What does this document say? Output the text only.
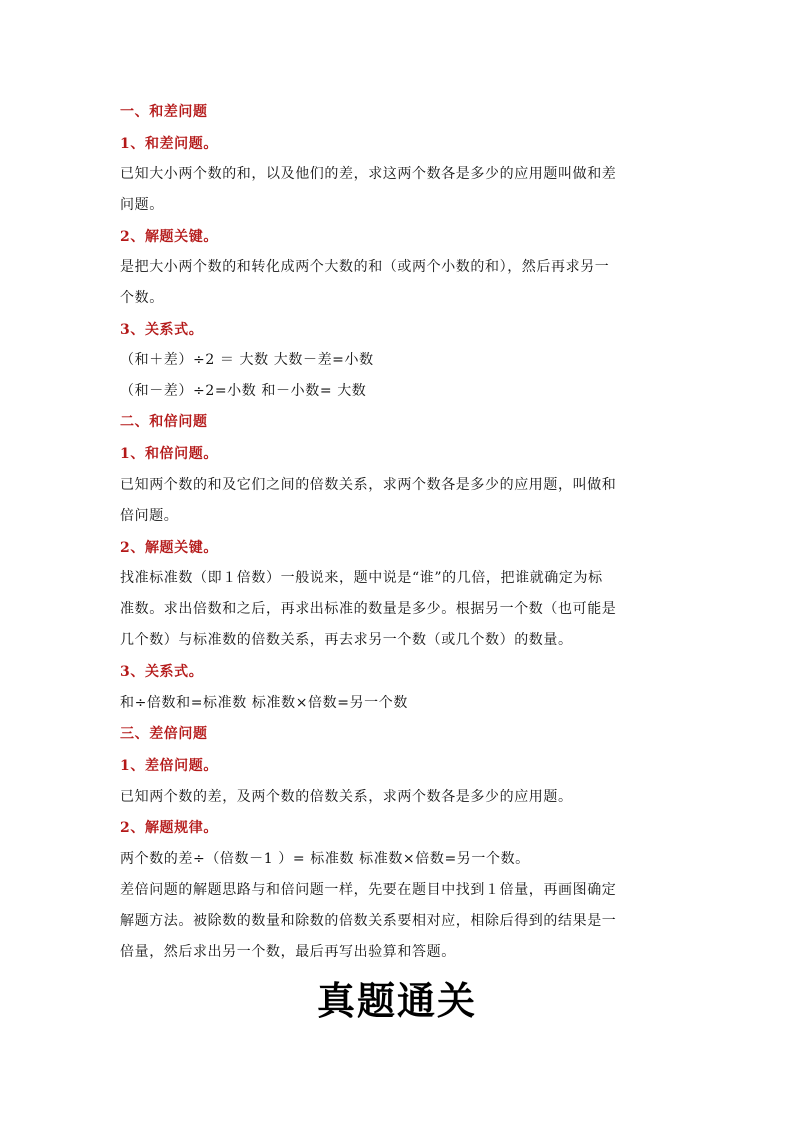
一、和差问题
1、和差问题。
已知大小两个数的和，以及他们的差，求这两个数各是多少的应用题叫做和差
问题。
2、解题关键。
是把大小两个数的和转化成两个大数的和（或两个小数的和），然后再求另一
个数。
3、关系式。
（和＋差）÷2 ＝ 大数 大数－差=小数
（和－差）÷2=小数 和－小数= 大数
二、和倍问题
1、和倍问题。
已知两个数的和及它们之间的倍数关系，求两个数各是多少的应用题，叫做和
倍问题。
2、解题关键。
找准标准数（即１倍数）一般说来，题中说是“谁”的几倍，把谁就确定为标
准数。求出倍数和之后，再求出标准的数量是多少。根据另一个数（也可能是
几个数）与标准数的倍数关系，再去求另一个数（或几个数）的数量。
3、关系式。
和÷倍数和=标准数 标准数×倍数=另一个数
三、差倍问题
1、差倍问题。
已知两个数的差，及两个数的倍数关系，求两个数各是多少的应用题。
2、解题规律。
两个数的差÷（倍数－1 ）= 标准数 标准数×倍数=另一个数。
差倍问题的解题思路与和倍问题一样，先要在题目中找到１倍量，再画图确定
解题方法。被除数的数量和除数的倍数关系要相对应，相除后得到的结果是一
倍量，然后求出另一个数，最后再写出验算和答题。
真题通关
